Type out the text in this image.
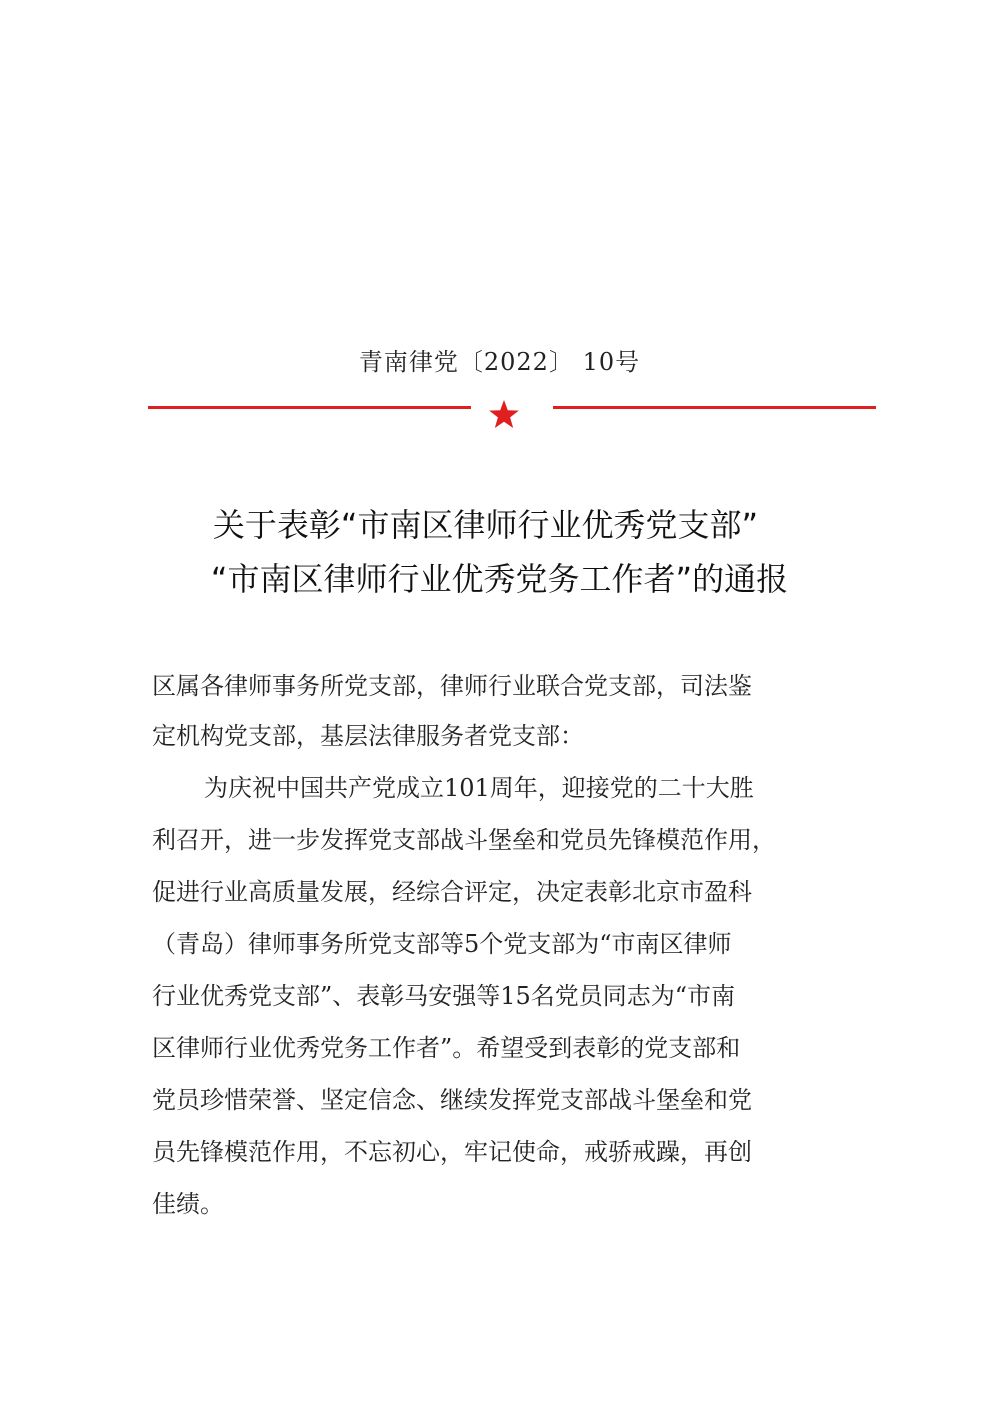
青南律党〔2022〕 10号
关于表彰“市南区律师行业优秀党支部”
“市南区律师行业优秀党务工作者”的通报
区属各律师事务所党支部，律师行业联合党支部，司法鉴
定机构党支部，基层法律服务者党支部：
为庆祝中国共产党成立101周年，迎接党的二十大胜
利召开，进一步发挥党支部战斗堡垒和党员先锋模范作用，
促进行业高质量发展，经综合评定，决定表彰北京市盈科
（青岛）律师事务所党支部等5个党支部为“市南区律师
行业优秀党支部”、表彰马安强等15名党员同志为“市南
区律师行业优秀党务工作者”。希望受到表彰的党支部和
党员珍惜荣誉、坚定信念、继续发挥党支部战斗堡垒和党
员先锋模范作用，不忘初心，牢记使命，戒骄戒躁，再创
佳绩。
